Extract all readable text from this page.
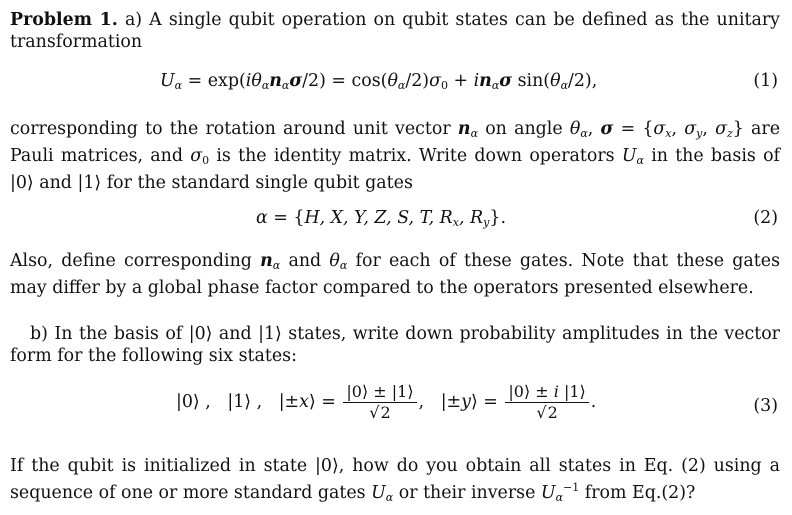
Problem 1. a) A single qubit operation on qubit states can be defined as the unitary transformation

$U_\alpha = \exp(i\theta_\alpha n_\alpha\sigma/2) = \cos(\theta_\alpha/2)\sigma_0 + in_\alpha\sigma$ $\sin(\theta_\alpha/2)$,	(1)

corresponding to the rotation around unit vector $n_\alpha$ on angle $\theta_\alpha$, $\sigma = \{\sigma_x$, $\sigma_y$, $\sigma_z$} are Pauli matrices, and $\sigma_0$ is the identity matrix. Write down operators $U_\alpha$ in the basis of |0⟩ and |1⟩ for the standard single qubit gates

α = {H, X, Y, Z, S, T, $R_x$, $R_y$}.	(2)

Also, define corresponding $n_\alpha$ and $\theta_\alpha$ for each of these gates. Note that these gates may differ by a global phase factor compared to the operators presented elsewhere.

b) In the basis of |0⟩ and |1⟩ states, write down probability amplitudes in the vector form for the following six states:

|0⟩ ,   |1⟩ ,   |±x⟩ = $\frac{|0⟩ \pm |1⟩}{√2}$ ,   |±y⟩ = $\frac{|0⟩ \pm i |1⟩}{√2}$ .	(3)

If the qubit is initialized in state |0⟩, how do you obtain all states in Eq. (2) using a sequence of one or more standard gates $U_\alpha$ or their inverse $U_\alpha^{-1}$ from Eq.(2)?
